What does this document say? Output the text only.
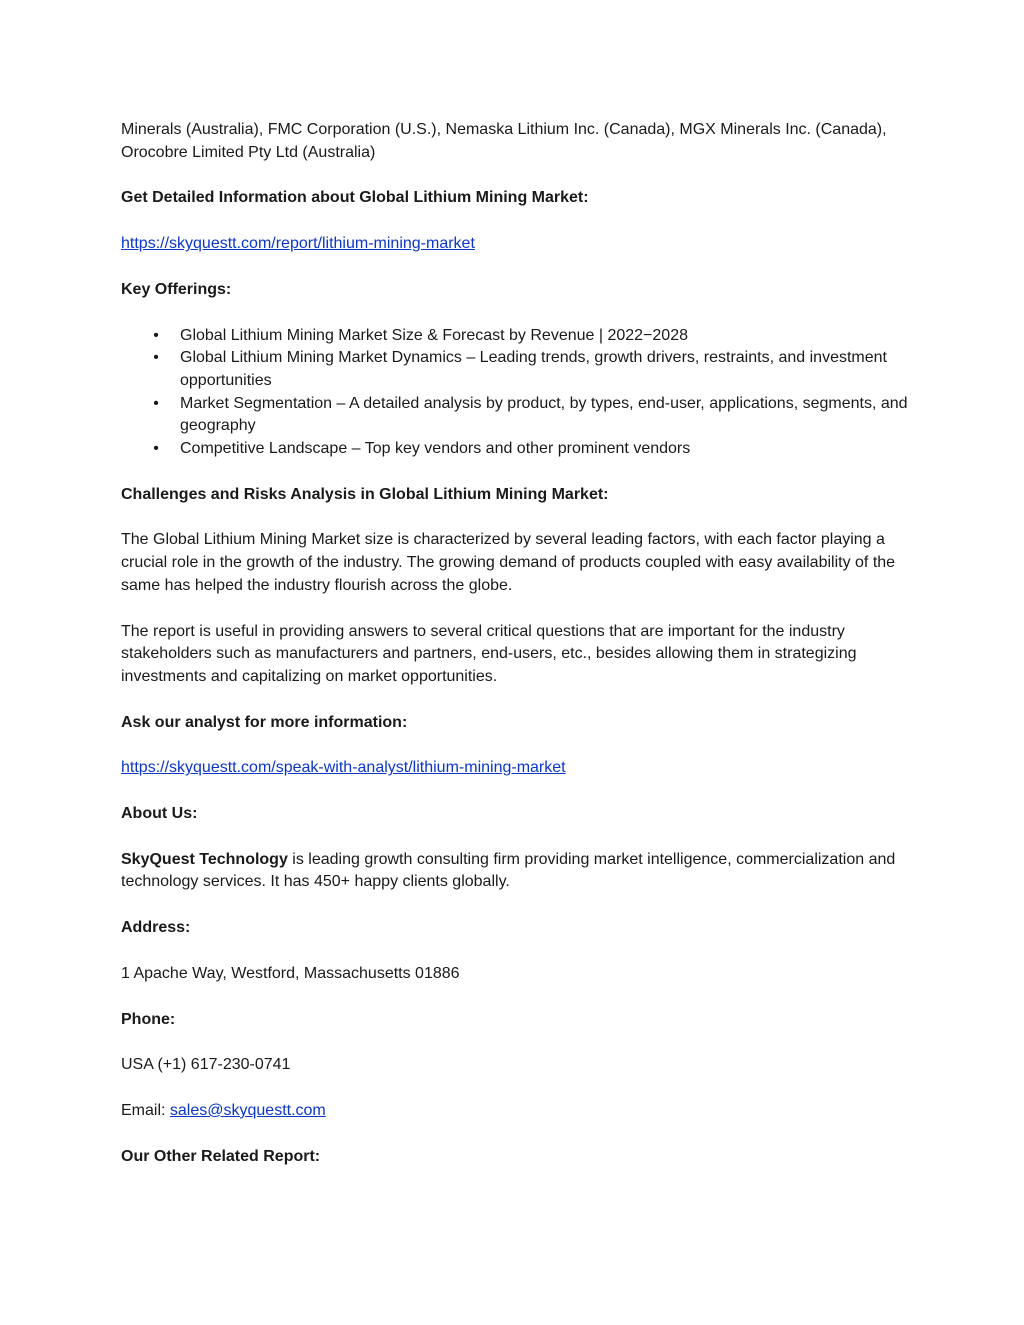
Minerals (Australia), FMC Corporation (U.S.), Nemaska Lithium Inc. (Canada), MGX Minerals Inc. (Canada), Orocobre Limited Pty Ltd (Australia)

Get Detailed Information about Global Lithium Mining Market:

https://skyquestt.com/report/lithium-mining-market

Key Offerings:

• Global Lithium Mining Market Size & Forecast by Revenue | 2022−2028
• Global Lithium Mining Market Dynamics – Leading trends, growth drivers, restraints, and investment opportunities
• Market Segmentation – A detailed analysis by product, by types, end-user, applications, segments, and geography
• Competitive Landscape – Top key vendors and other prominent vendors

Challenges and Risks Analysis in Global Lithium Mining Market:

The Global Lithium Mining Market size is characterized by several leading factors, with each factor playing a crucial role in the growth of the industry. The growing demand of products coupled with easy availability of the same has helped the industry flourish across the globe.

The report is useful in providing answers to several critical questions that are important for the industry stakeholders such as manufacturers and partners, end-users, etc., besides allowing them in strategizing investments and capitalizing on market opportunities.

Ask our analyst for more information:

https://skyquestt.com/speak-with-analyst/lithium-mining-market

About Us:

SkyQuest Technology is leading growth consulting firm providing market intelligence, commercialization and technology services. It has 450+ happy clients globally.

Address:

1 Apache Way, Westford, Massachusetts 01886

Phone:

USA (+1) 617-230-0741

Email: sales@skyquestt.com

Our Other Related Report:
